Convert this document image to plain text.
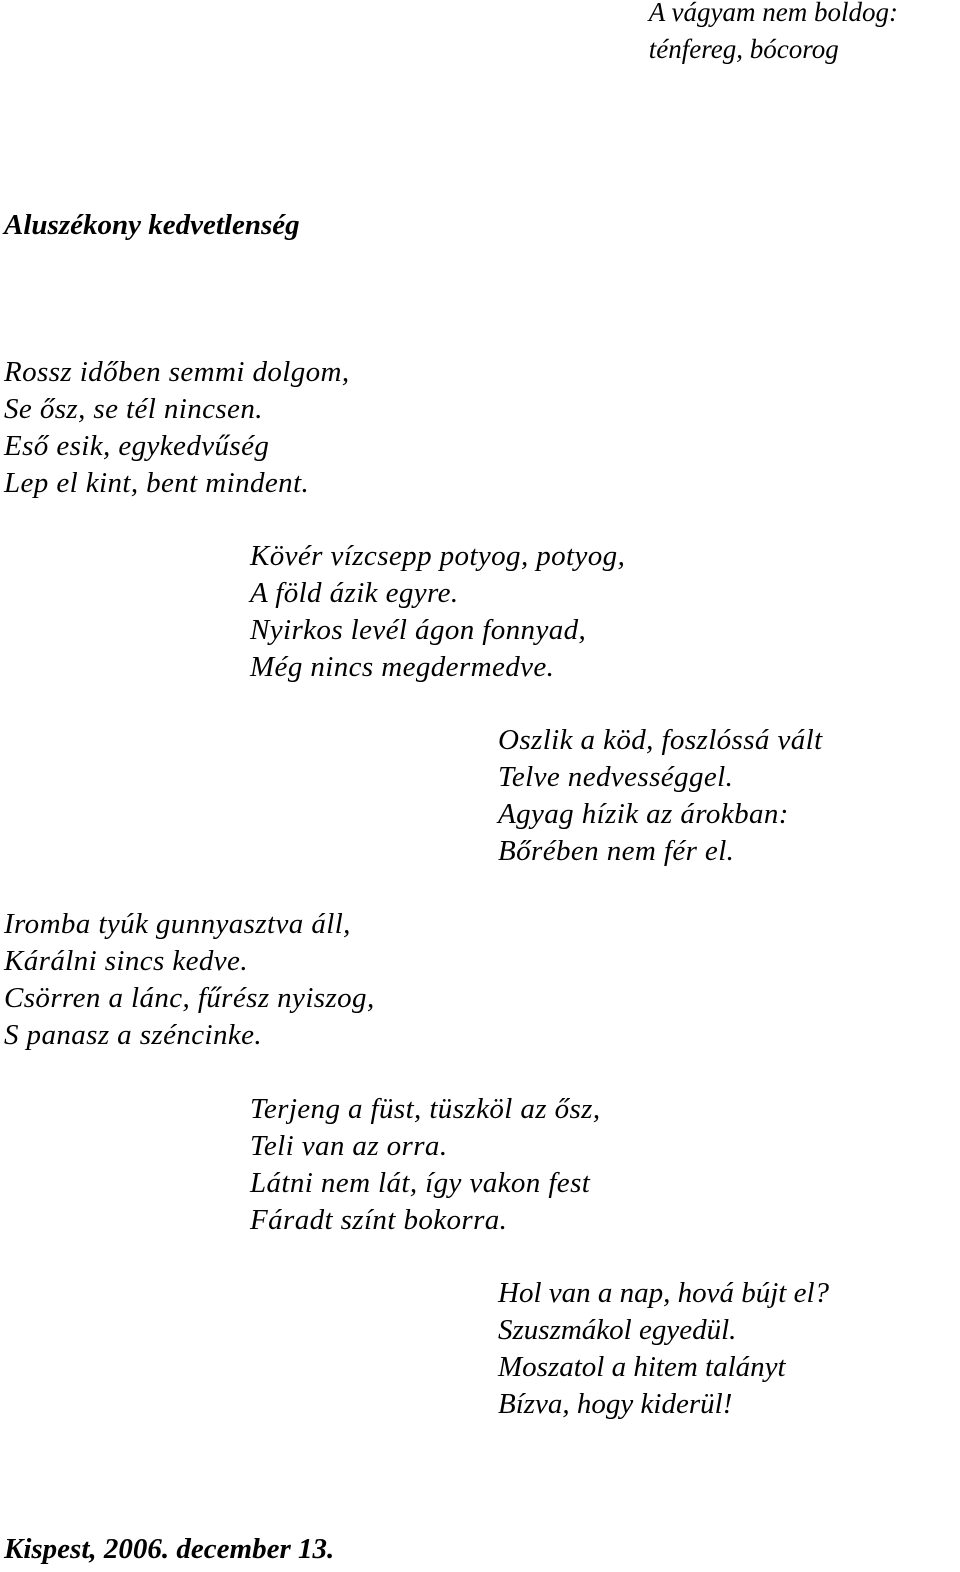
A vágyam nem boldog:
ténfereg, bócorog
Aluszékony kedvetlenség
Rossz időben semmi dolgom,
Se ősz, se tél nincsen.
Eső esik, egykedvűség
Lep el kint, bent mindent.
Kövér vízcsepp potyog, potyog,
A föld ázik egyre.
Nyirkos levél ágon fonnyad,
Még nincs megdermedve.
Oszlik a köd, foszlóssá vált
Telve nedvességgel.
Agyag hízik az árokban:
Bőrében nem fér el.
Iromba tyúk gunnyasztva áll,
Kárálni sincs kedve.
Csörren a lánc, fűrész nyiszog,
S panasz a széncinke.
Terjeng a füst, tüszköl az ősz,
Teli van az orra.
Látni nem lát, így vakon fest
Fáradt színt bokorra.
Hol van a nap, hová bújt el?
Szuszmákol egyedül.
Moszatol a hitem talányt
Bízva, hogy kiderül!
Kispest, 2006. december 13.
